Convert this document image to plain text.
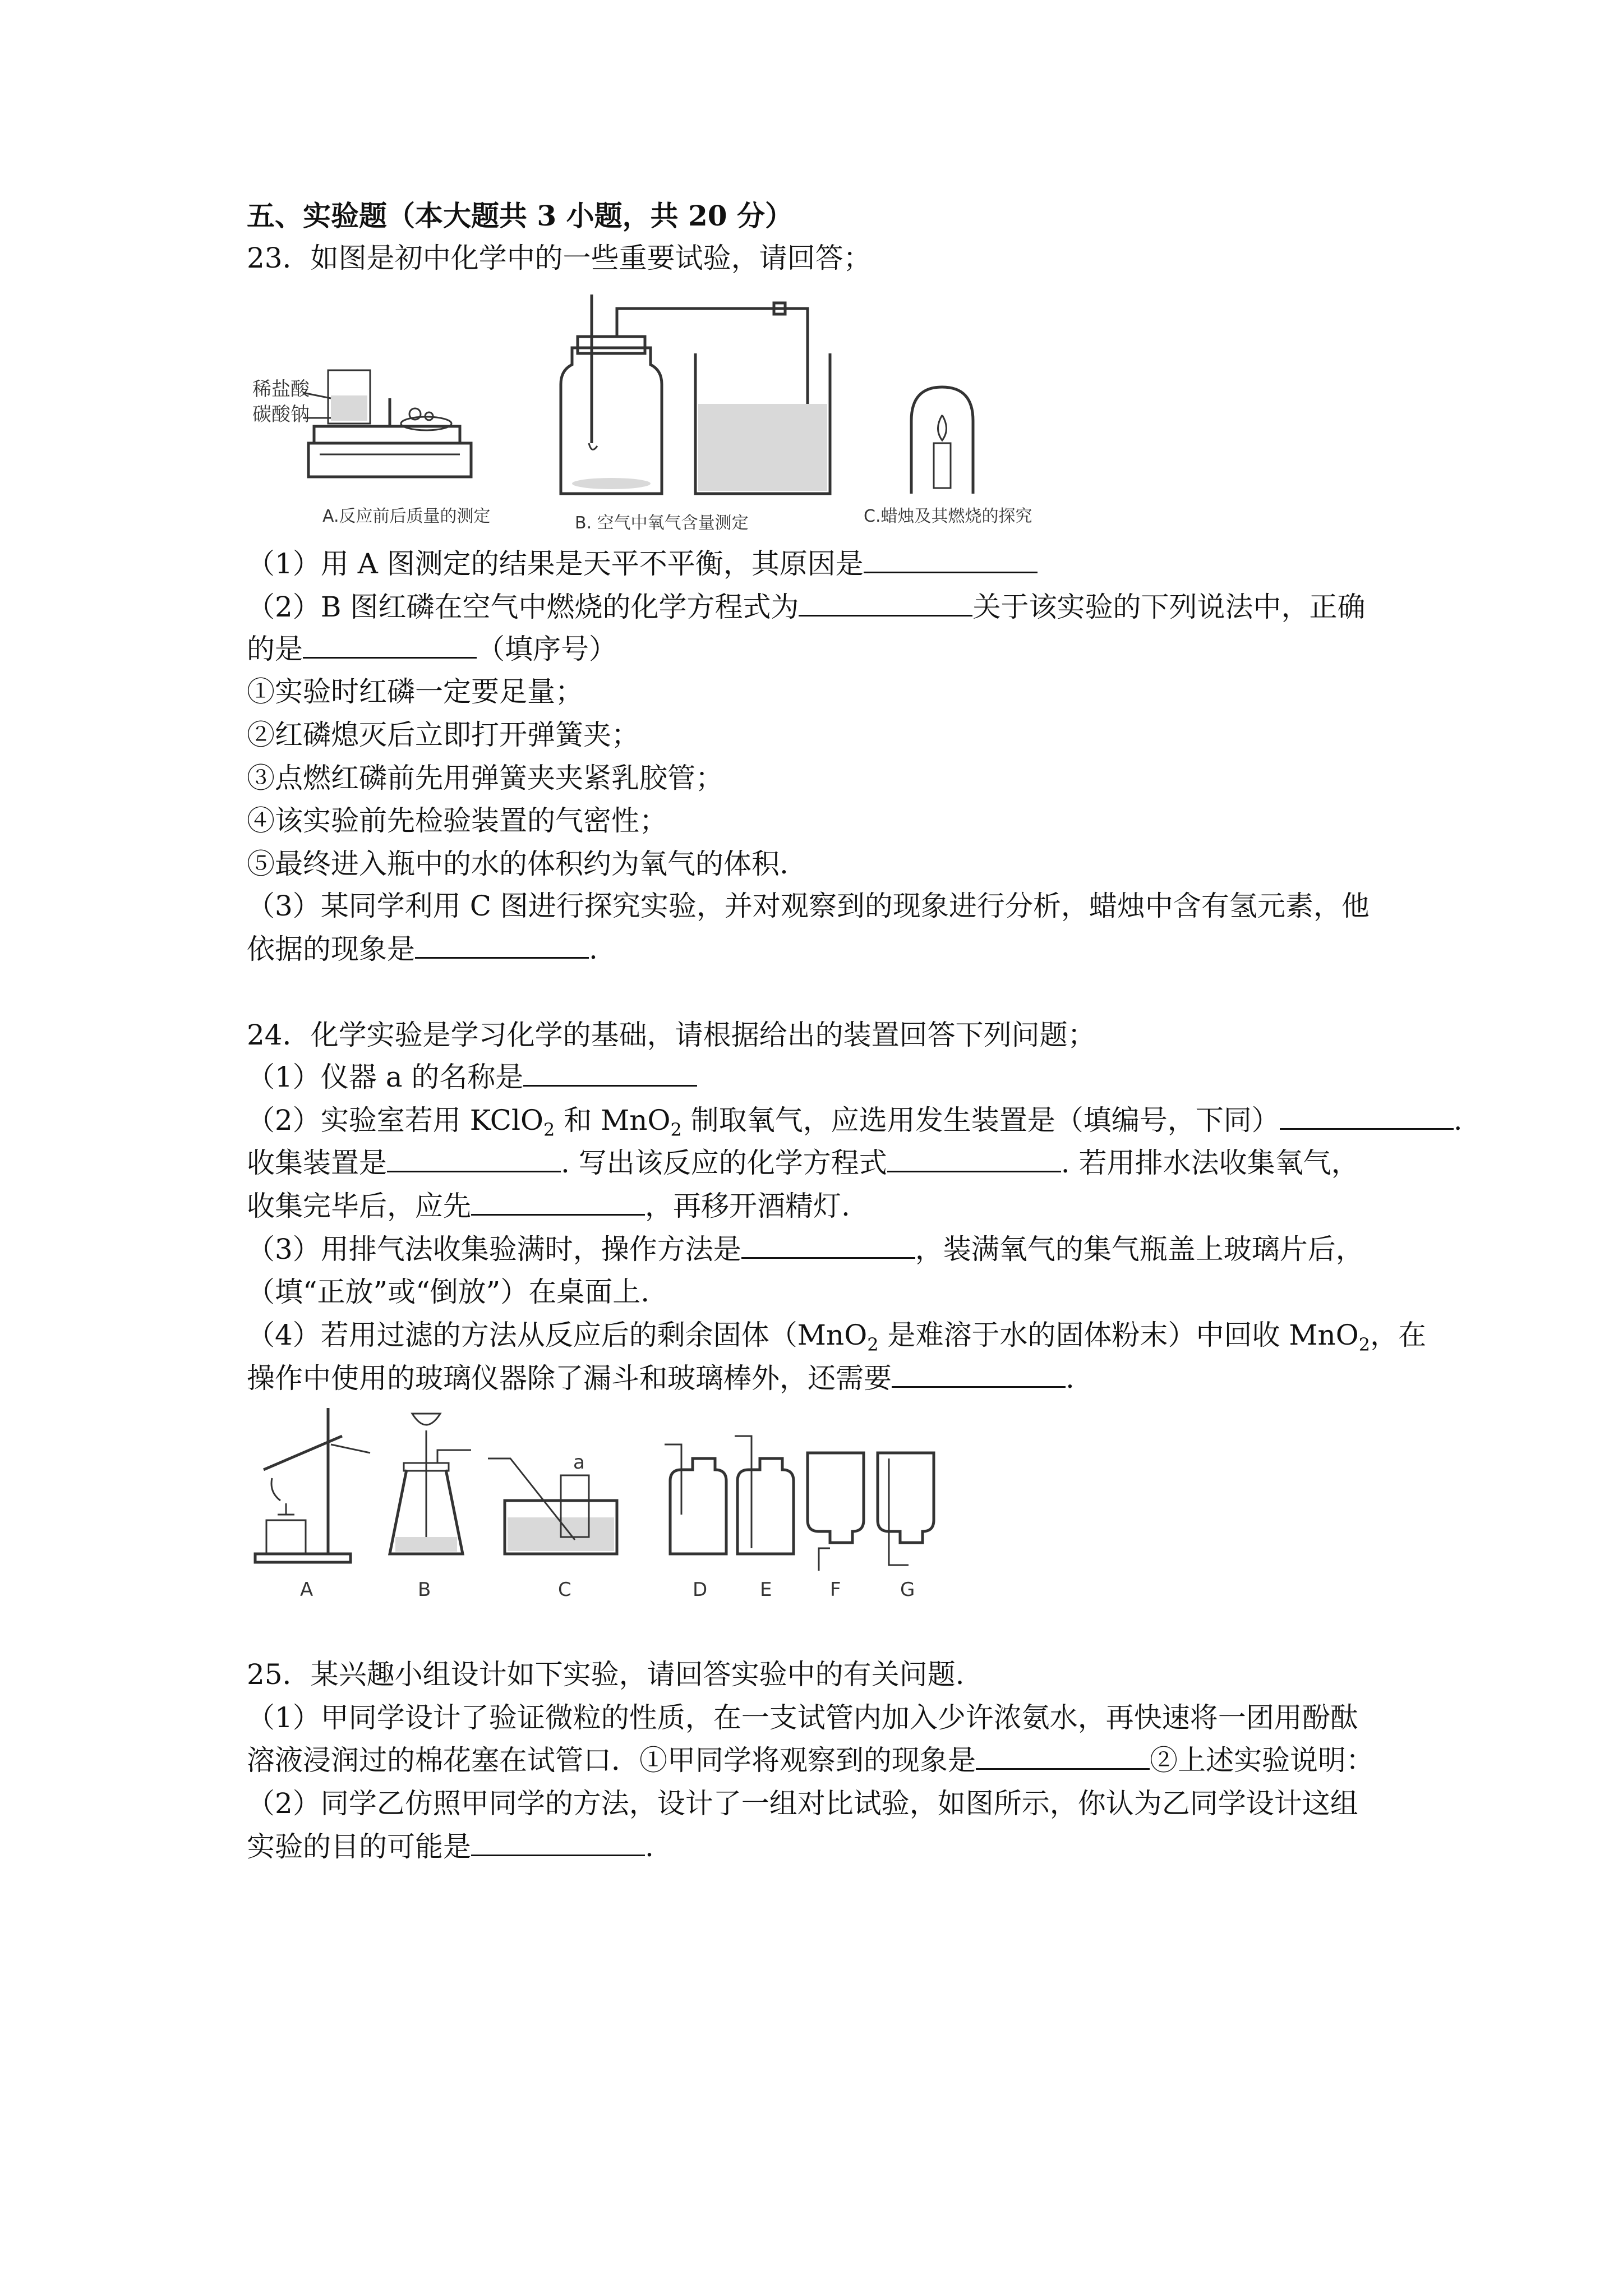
五、实验题（本大题共 3 小题，共 20 分）
23．如图是初中化学中的一些重要试验，请回答；
稀盐酸
碳酸钠
A.反应前后质量的测定	B. 空气中氧气含量测定	C.蜡烛及其燃烧的探究
（1）用 A 图测定的结果是天平不平衡，其原因是
（2）B 图红磷在空气中燃烧的化学方程式为	关于该实验的下列说法中，正确
的是	（填序号）
①实验时红磷一定要足量；
②红磷熄灭后立即打开弹簧夹；
③点燃红磷前先用弹簧夹夹紧乳胶管；
④该实验前先检验装置的气密性；
⑤最终进入瓶中的水的体积约为氧气的体积.
（3）某同学利用 C 图进行探究实验，并对观察到的现象进行分析，蜡烛中含有氢元素，他
依据的现象是	.
24．化学实验是学习化学的基础，请根据给出的装置回答下列问题；
（1）仪器 a 的名称是
（2）实验室若用 KClO$_2$ 和 MnO$_2$ 制取氧气，应选用发生装置是（填编号，下同）	.
收集装置是	. 写出该反应的化学方程式	. 若用排水法收集氧气，
收集完毕后，应先	，再移开酒精灯.
（3）用排气法收集验满时，操作方法是	，装满氧气的集气瓶盖上玻璃片后，
（填“正放”或“倒放”）在桌面上.
（4）若用过滤的方法从反应后的剩余固体（MnO$_2$ 是难溶于水的固体粉末）中回收 MnO$_2$，在
操作中使用的玻璃仪器除了漏斗和玻璃棒外，还需要	.
A	B
a
C	D	E	F	G
25．某兴趣小组设计如下实验，请回答实验中的有关问题.
（1）甲同学设计了验证微粒的性质，在一支试管内加入少许浓氨水，再快速将一团用酚酞
溶液浸润过的棉花塞在试管口．①甲同学将观察到的现象是	②上述实验说明：
（2）同学乙仿照甲同学的方法，设计了一组对比试验，如图所示，你认为乙同学设计这组
实验的目的可能是	.
